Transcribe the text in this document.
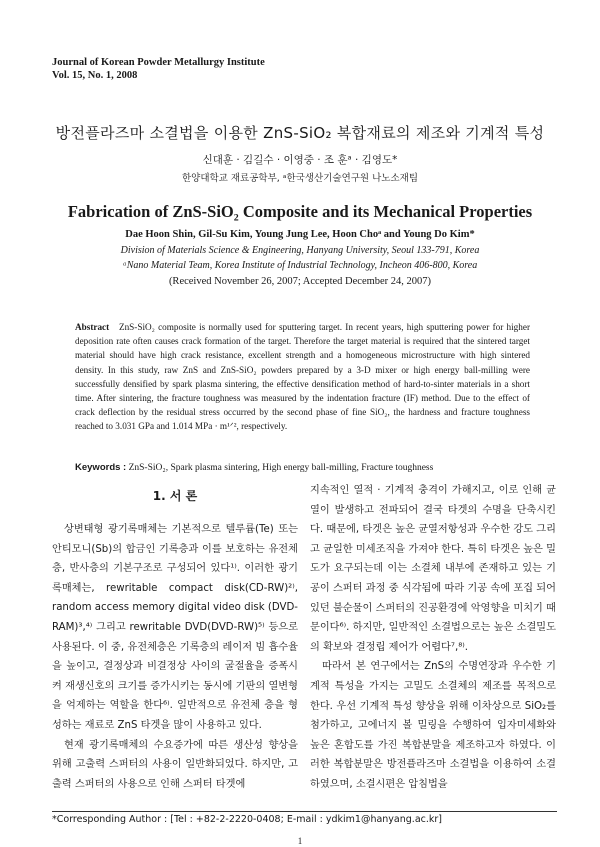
Journal of Korean Powder Metallurgy Institute
Vol. 15, No. 1, 2008
방전플라즈마 소결법을 이용한 ZnS-SiO₂ 복합재료의 제조와 기계적 특성
신대훈 · 김길수 · 이영중 · 조 훈ᵃ · 김영도*
한양대학교 재료공학부, ᵃ한국생산기술연구원 나노소재팀
Fabrication of ZnS-SiO₂ Composite and its Mechanical Properties
Dae Hoon Shin, Gil-Su Kim, Young Jung Lee, Hoon Choᵃ and Young Do Kim*
Division of Materials Science & Engineering, Hanyang University, Seoul 133-791, Korea
ᵃNano Material Team, Korea Institute of Industrial Technology, Incheon 406-800, Korea
(Received November 26, 2007; Accepted December 24, 2007)
Abstract ZnS-SiO₂ composite is normally used for sputtering target. In recent years, high sputtering power for higher deposition rate often causes crack formation of the target. Therefore the target material is required that the sintered target material should have high crack resistance, excellent strength and a homogeneous microstructure with high sintered density. In this study, raw ZnS and ZnS-SiO₂ powders prepared by a 3-D mixer or high energy ball-milling were successfully densified by spark plasma sintering, the effective densification method of hard-to-sinter materials in a short time. After sintering, the fracture toughness was measured by the indentation fracture (IF) method. Due to the effect of crack deflection by the residual stress occurred by the second phase of fine SiO₂, the hardness and fracture toughness reached to 3.031 GPa and 1.014 MPa · m¹ᐟ², respectively.
Keywords : ZnS-SiO₂, Spark plasma sintering, High energy ball-milling, Fracture toughness
1. 서 론

상변태형 광기록매체는 기본적으로 텔루륨(Te) 또는 안티모니(Sb)의 합금인 기록층과 이를 보호하는 유전체층, 반사층의 기본구조로 구성되어 있다¹⁾. 이러한 광기록매체는, rewritable compact disk(CD-RW)²⁾, random access memory digital video disk (DVD-RAM)³,⁴⁾ 그리고 rewritable DVD(DVD-RW)⁵⁾ 등으로 사용된다. 이 중, 유전체층은 기록층의 레이저 빔 흡수율을 높이고, 결정상과 비결정상 사이의 굴절율을 증폭시켜 재생신호의 크기를 증가시키는 동시에 기판의 열변형을 억제하는 역할을 한다⁶⁾. 일반적으로 유전체 층을 형성하는 재료로 ZnS 타겟을 많이 사용하고 있다.

현재 광기록매체의 수요증가에 따른 생산성 향상을 위해 고출력 스퍼터의 사용이 일반화되었다. 하지만, 고출력 스퍼터의 사용으로 인해 스퍼터 타겟에

지속적인 열적 · 기계적 충격이 가해지고, 이로 인해 균열이 발생하고 전파되어 결국 타겟의 수명을 단축시킨다. 때문에, 타겟은 높은 균열저항성과 우수한 강도 그리고 균일한 미세조직을 가져야 한다. 특히 타겟은 높은 밀도가 요구되는데 이는 소결체 내부에 존재하고 있는 기공이 스퍼터 과정 중 식각됨에 따라 기공 속에 포집 되어있던 불순물이 스퍼터의 진공환경에 악영향을 미치기 때문이다⁶⁾. 하지만, 일반적인 소결법으로는 높은 소결밀도의 확보와 결정립 제어가 어렵다⁷,⁸⁾.

따라서 본 연구에서는 ZnS의 수명연장과 우수한 기계적 특성을 가지는 고밀도 소결체의 제조를 목적으로 한다. 우선 기계적 특성 향상을 위해 이차상으로 SiO₂를 첨가하고, 고에너지 볼 밀링을 수행하여 입자미세화와 높은 혼합도를 가진 복합분말을 제조하고자 하였다. 이러한 복합분말은 방전플라즈마 소결법을 이용하여 소결하였으며, 소결시편은 압침법을

*Corresponding Author : [Tel : +82-2-2220-0408; E-mail : ydkim1@hanyang.ac.kr]
1
